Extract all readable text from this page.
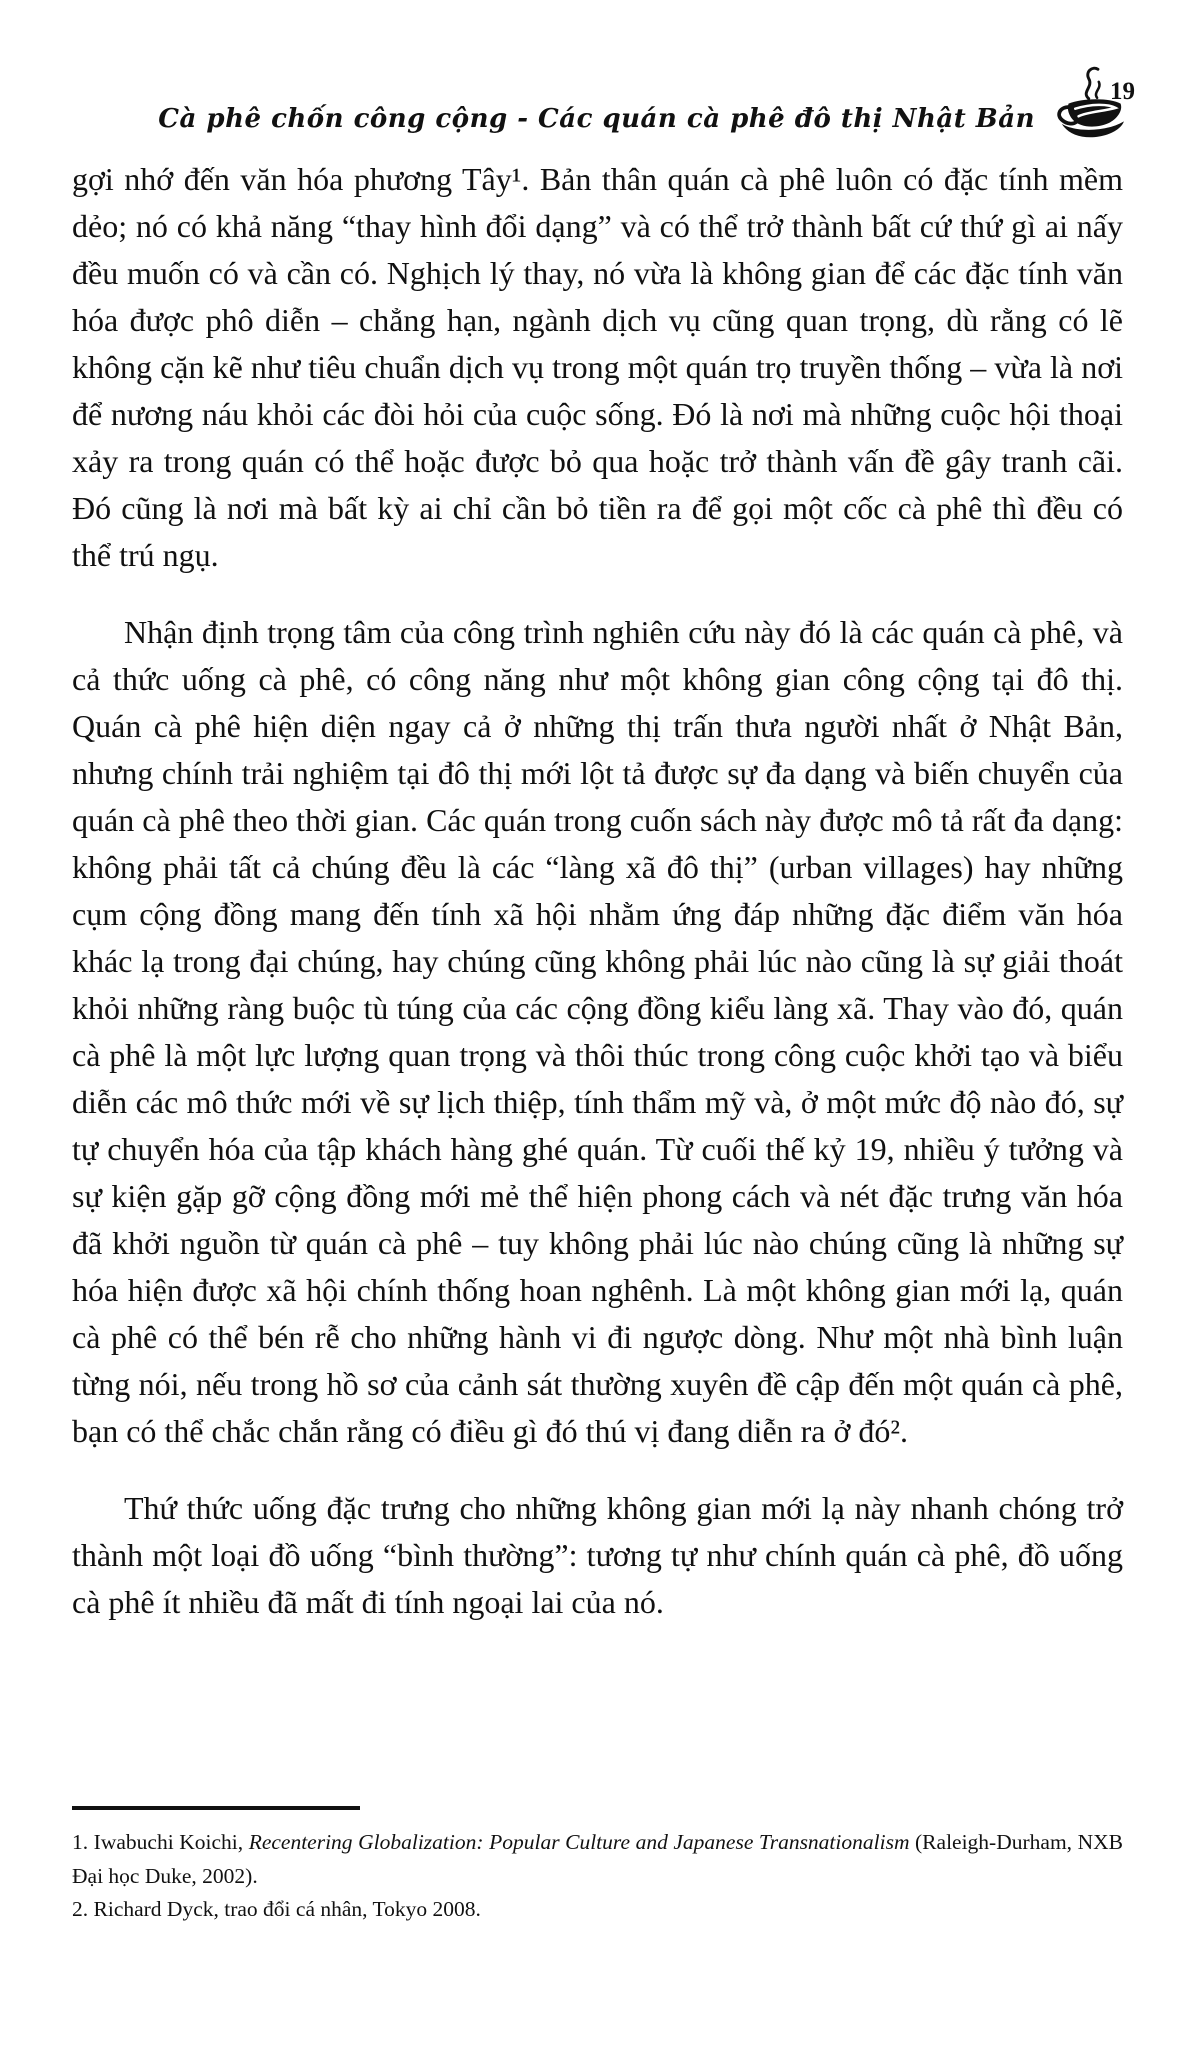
Cà phê chốn công cộng - Các quán cà phê đô thị Nhật Bản
19

gợi nhớ đến văn hóa phương Tây¹. Bản thân quán cà phê luôn có đặc tính mềm dẻo; nó có khả năng “thay hình đổi dạng” và có thể trở thành bất cứ thứ gì ai nấy đều muốn có và cần có. Nghịch lý thay, nó vừa là không gian để các đặc tính văn hóa được phô diễn – chẳng hạn, ngành dịch vụ cũng quan trọng, dù rằng có lẽ không cặn kẽ như tiêu chuẩn dịch vụ trong một quán trọ truyền thống – vừa là nơi để nương náu khỏi các đòi hỏi của cuộc sống. Đó là nơi mà những cuộc hội thoại xảy ra trong quán có thể hoặc được bỏ qua hoặc trở thành vấn đề gây tranh cãi. Đó cũng là nơi mà bất kỳ ai chỉ cần bỏ tiền ra để gọi một cốc cà phê thì đều có thể trú ngụ.

Nhận định trọng tâm của công trình nghiên cứu này đó là các quán cà phê, và cả thức uống cà phê, có công năng như một không gian công cộng tại đô thị. Quán cà phê hiện diện ngay cả ở những thị trấn thưa người nhất ở Nhật Bản, nhưng chính trải nghiệm tại đô thị mới lột tả được sự đa dạng và biến chuyển của quán cà phê theo thời gian. Các quán trong cuốn sách này được mô tả rất đa dạng: không phải tất cả chúng đều là các “làng xã đô thị” (urban villages) hay những cụm cộng đồng mang đến tính xã hội nhằm ứng đáp những đặc điểm văn hóa khác lạ trong đại chúng, hay chúng cũng không phải lúc nào cũng là sự giải thoát khỏi những ràng buộc tù túng của các cộng đồng kiểu làng xã. Thay vào đó, quán cà phê là một lực lượng quan trọng và thôi thúc trong công cuộc khởi tạo và biểu diễn các mô thức mới về sự lịch thiệp, tính thẩm mỹ và, ở một mức độ nào đó, sự tự chuyển hóa của tập khách hàng ghé quán. Từ cuối thế kỷ 19, nhiều ý tưởng và sự kiện gặp gỡ cộng đồng mới mẻ thể hiện phong cách và nét đặc trưng văn hóa đã khởi nguồn từ quán cà phê – tuy không phải lúc nào chúng cũng là những sự hóa hiện được xã hội chính thống hoan nghênh. Là một không gian mới lạ, quán cà phê có thể bén rễ cho những hành vi đi ngược dòng. Như một nhà bình luận từng nói, nếu trong hồ sơ của cảnh sát thường xuyên đề cập đến một quán cà phê, bạn có thể chắc chắn rằng có điều gì đó thú vị đang diễn ra ở đó².

Thứ thức uống đặc trưng cho những không gian mới lạ này nhanh chóng trở thành một loại đồ uống “bình thường”: tương tự như chính quán cà phê, đồ uống cà phê ít nhiều đã mất đi tính ngoại lai của nó.

1. Iwabuchi Koichi, Recentering Globalization: Popular Culture and Japanese Transnationalism (Raleigh-Durham, NXB Đại học Duke, 2002).

2. Richard Dyck, trao đổi cá nhân, Tokyo 2008.
